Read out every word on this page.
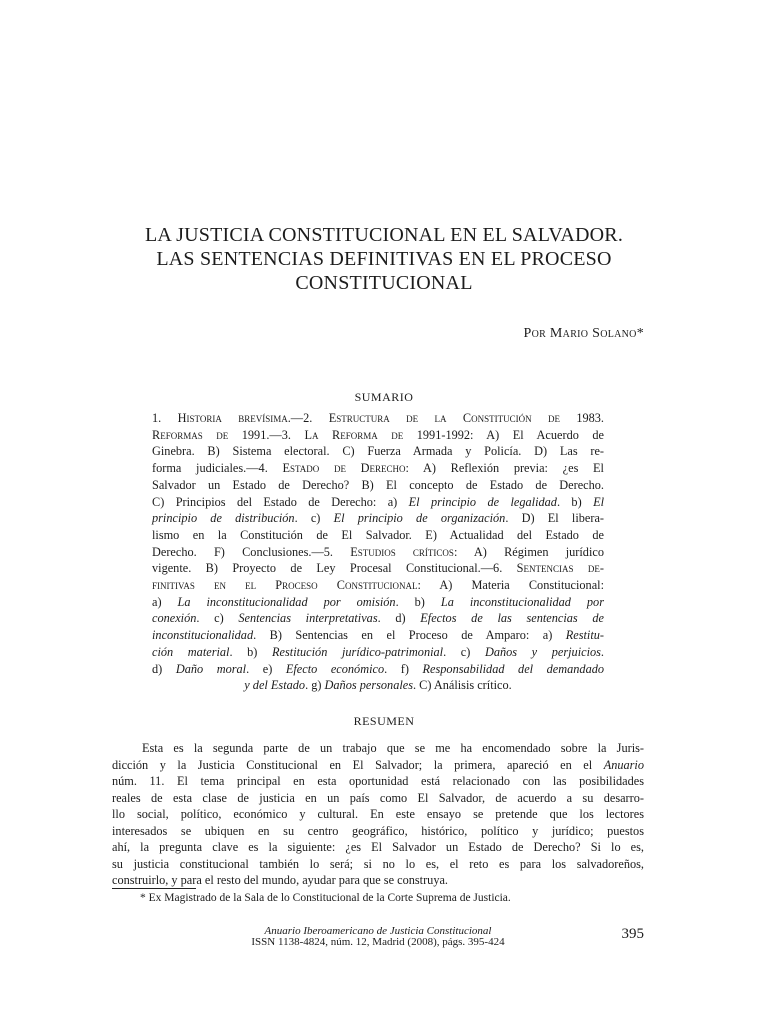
LA JUSTICIA CONSTITUCIONAL EN EL SALVADOR.
LAS SENTENCIAS DEFINITIVAS EN EL PROCESO
CONSTITUCIONAL
Por Mario Solano*
SUMARIO
1. Historia brevísima.—2. Estructura de la Constitución de 1983.
Reformas de 1991.—3. La Reforma de 1991-1992: A) El Acuerdo de
Ginebra. B) Sistema electoral. C) Fuerza Armada y Policía. D) Las re-
forma judiciales.—4. Estado de Derecho: A) Reflexión previa: ¿es El
Salvador un Estado de Derecho? B) El concepto de Estado de Derecho.
C) Principios del Estado de Derecho: a) El principio de legalidad. b) El
principio de distribución. c) El principio de organización. D) El libera-
lismo en la Constitución de El Salvador. E) Actualidad del Estado de
Derecho. F) Conclusiones.—5. Estudios críticos: A) Régimen jurídico
vigente. B) Proyecto de Ley Procesal Constitucional.—6. Sentencias de-
finitivas en el Proceso Constitucional: A) Materia Constitucional:
a) La inconstitucionalidad por omisión. b) La inconstitucionalidad por
conexión. c) Sentencias interpretativas. d) Efectos de las sentencias de
inconstitucionalidad. B) Sentencias en el Proceso de Amparo: a) Restitu-
ción material. b) Restitución jurídico-patrimonial. c) Daños y perjuicios.
d) Daño moral. e) Efecto económico. f) Responsabilidad del demandado
y del Estado. g) Daños personales. C) Análisis crítico.
RESUMEN
Esta es la segunda parte de un trabajo que se me ha encomendado sobre la Juris-
dicción y la Justicia Constitucional en El Salvador; la primera, apareció en el Anuario
núm. 11. El tema principal en esta oportunidad está relacionado con las posibilidades
reales de esta clase de justicia en un país como El Salvador, de acuerdo a su desarro-
llo social, político, económico y cultural. En este ensayo se pretende que los lectores
interesados se ubiquen en su centro geográfico, histórico, político y jurídico; puestos
ahí, la pregunta clave es la siguiente: ¿es El Salvador un Estado de Derecho? Si lo es,
su justicia constitucional también lo será; si no lo es, el reto es para los salvadoreños,
construirlo, y para el resto del mundo, ayudar para que se construya.
* Ex Magistrado de la Sala de lo Constitucional de la Corte Suprema de Justicia.
Anuario Iberoamericano de Justicia Constitucional
ISSN 1138-4824, núm. 12, Madrid (2008), págs. 395-424	395
